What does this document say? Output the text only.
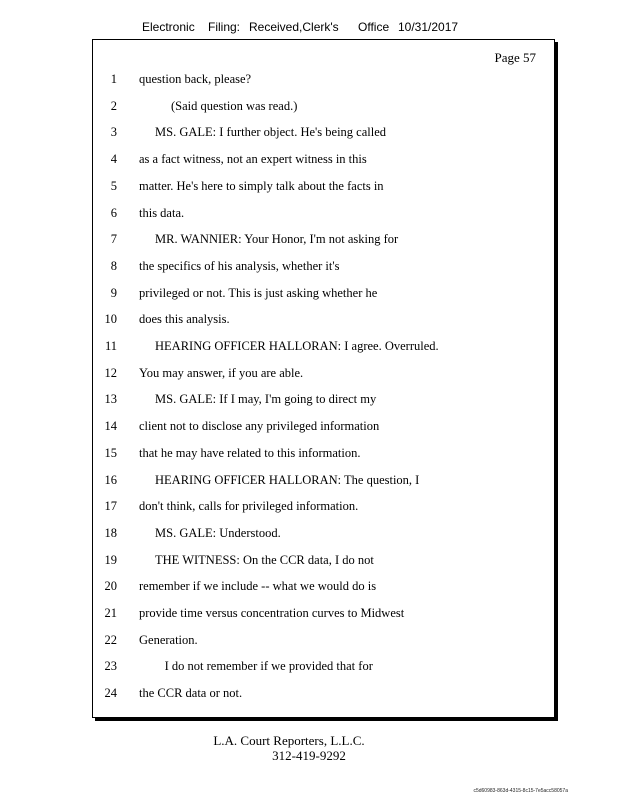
Electronic Filing: Received,Clerk's Office 10/31/2017
Page 57
1 question back, please?
2	(Said question was read.)
3	MS. GALE: I further object. He's being called
4 as a fact witness, not an expert witness in this
5 matter. He's here to simply talk about the facts in
6 this data.
7	MR. WANNIER: Your Honor, I'm not asking for
8 the specifics of his analysis, whether it's
9 privileged or not. This is just asking whether he
10 does this analysis.
11	HEARING OFFICER HALLORAN: I agree. Overruled.
12 You may answer, if you are able.
13	MS. GALE: If I may, I'm going to direct my
14 client not to disclose any privileged information
15 that he may have related to this information.
16	HEARING OFFICER HALLORAN: The question, I
17 don't think, calls for privileged information.
18	MS. GALE: Understood.
19	THE WITNESS: On the CCR data, I do not
20 remember if we include -- what we would do is
21 provide time versus concentration curves to Midwest
22 Generation.
23	I do not remember if we provided that for
24 the CCR data or not.
L.A. Court Reporters, L.L.C.
312-419-9292
c5d60983-863d-4315-8c15-7e5acc58057a
